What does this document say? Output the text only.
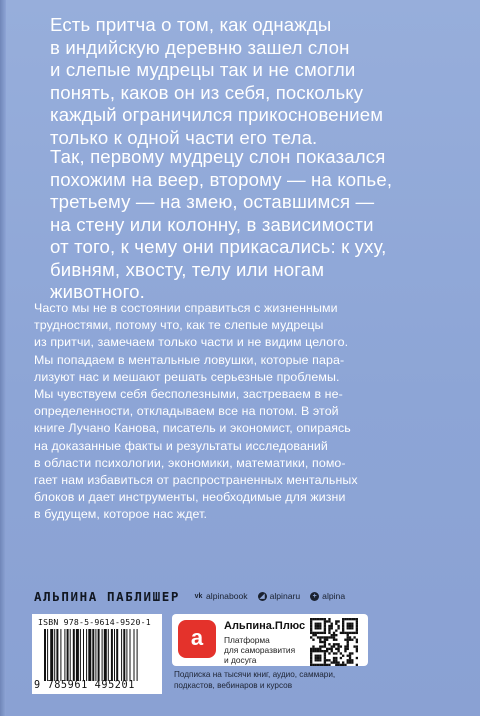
Есть притча о том, как однажды
в индийскую деревню зашел слон
и слепые мудрецы так и не смогли
понять, каков он из себя, поскольку
каждый ограничился прикосновением
только к одной части его тела.

Так, первому мудрецу слон показался
похожим на веер, второму — на копье,
третьему — на змею, оставшимся —
на стену или колонну, в зависимости
от того, к чему они прикасались: к уху,
бивням, хвосту, телу или ногам
животного.

Часто мы не в состоянии справиться с жизненными
трудностями, потому что, как те слепые мудрецы
из притчи, замечаем только части и не видим целого.
Мы попадаем в ментальные ловушки, которые пара-
лизуют нас и мешают решать серьезные проблемы.
Мы чувствуем себя бесполезными, застреваем в не-
определенности, откладываем все на потом. В этой
книге Лучано Канова, писатель и экономист, опираясь
на доказанные факты и результаты исследований
в области психологии, экономики, математики, помо-
гает нам избавиться от распространенных ментальных
блоков и дает инструменты, необходимые для жизни
в будущем, которое нас ждет.

АЛЬПИНА ПАБЛИШЕР vk alpinabook ◢ alpinaru	+ alpina
ISBN 978-5-9614-9520-1
9 785961 495201
a	Альпина.Плюс
Платформа
для саморазвития
и досуга
Подписка на тысячи книг, аудио, саммари,
подкастов, вебинаров и курсов
